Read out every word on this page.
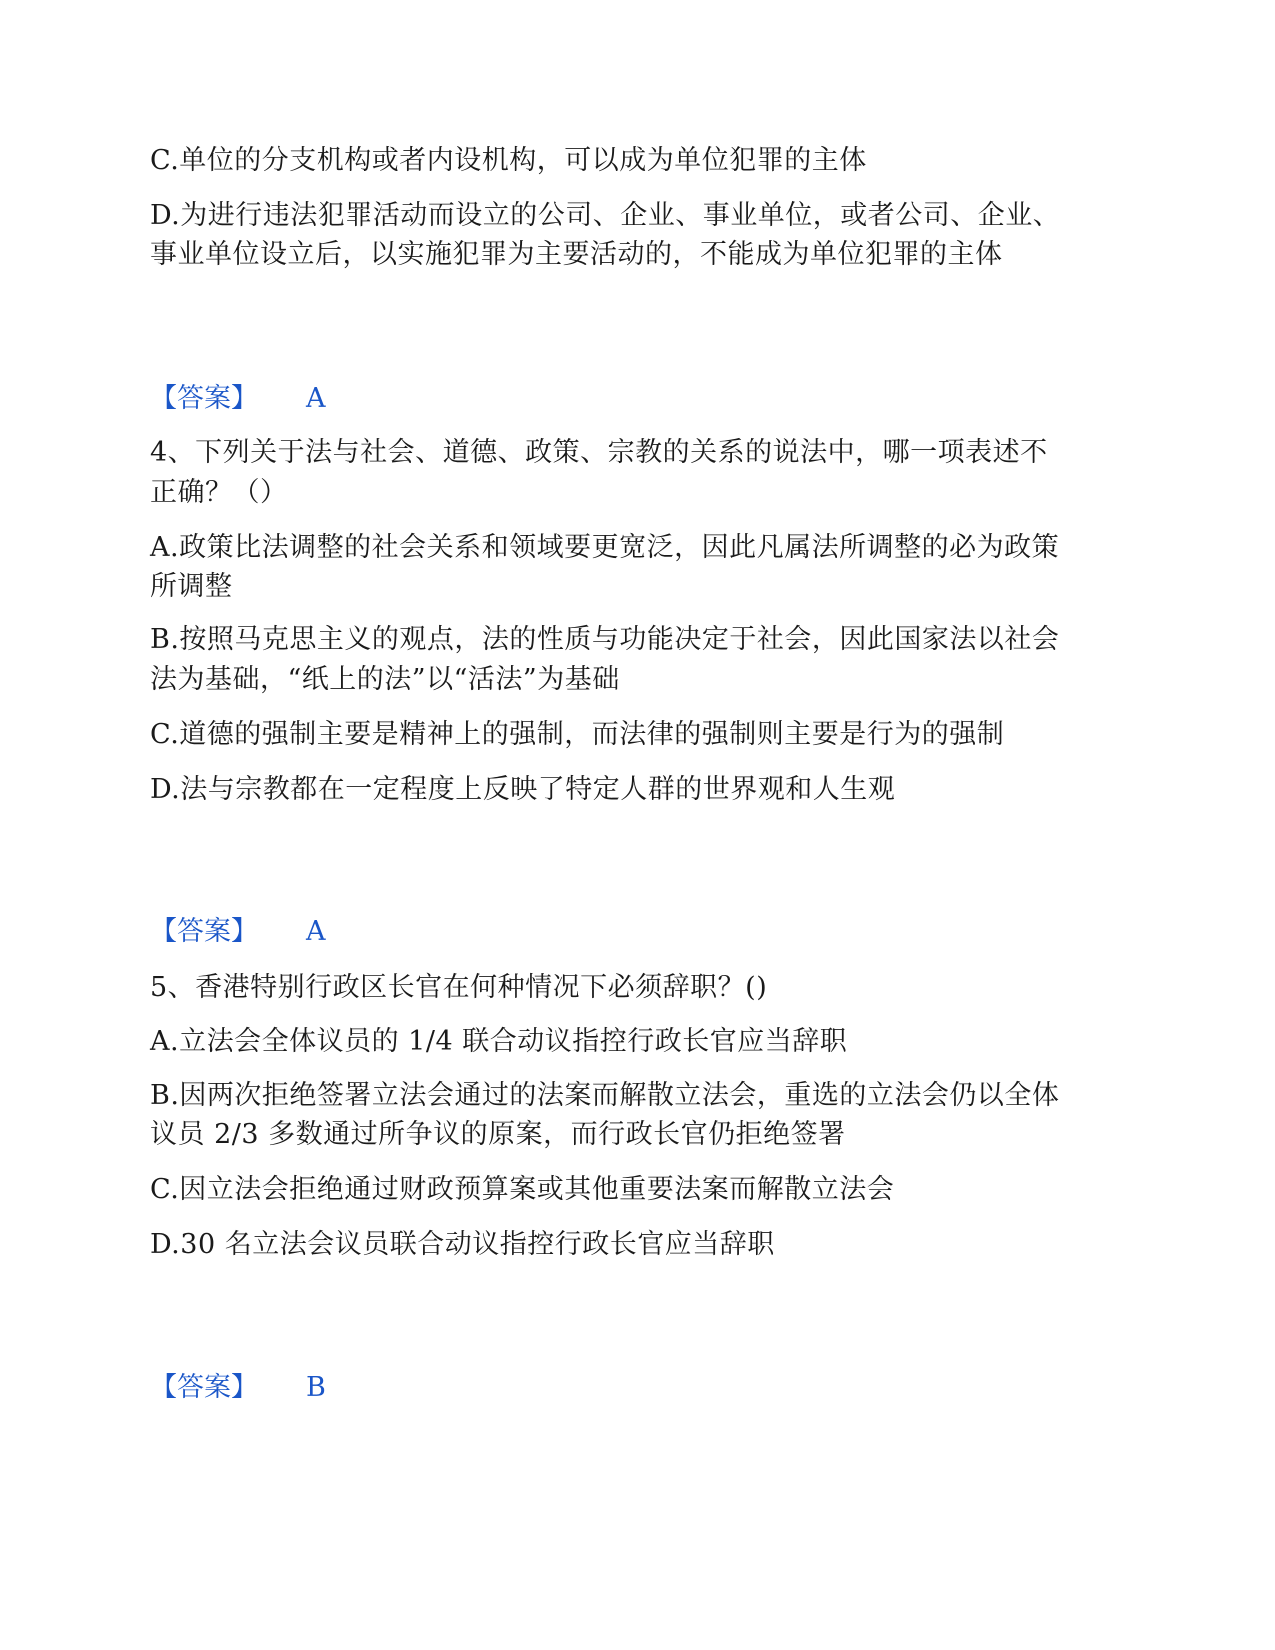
C.单位的分支机构或者内设机构，可以成为单位犯罪的主体
D.为进行违法犯罪活动而设立的公司、企业、事业单位，或者公司、企业、
事业单位设立后，以实施犯罪为主要活动的，不能成为单位犯罪的主体
【答案】 A
4、下列关于法与社会、道德、政策、宗教的关系的说法中，哪一项表述不
正确？（）
A.政策比法调整的社会关系和领域要更宽泛，因此凡属法所调整的必为政策
所调整
B.按照马克思主义的观点，法的性质与功能决定于社会，因此国家法以社会
法为基础，“纸上的法”以“活法”为基础
C.道德的强制主要是精神上的强制，而法律的强制则主要是行为的强制
D.法与宗教都在一定程度上反映了特定人群的世界观和人生观
【答案】 A
5、香港特别行政区长官在何种情况下必须辞职？()
A.立法会全体议员的 1/4 联合动议指控行政长官应当辞职
B.因两次拒绝签署立法会通过的法案而解散立法会，重选的立法会仍以全体
议员 2/3 多数通过所争议的原案，而行政长官仍拒绝签署
C.因立法会拒绝通过财政预算案或其他重要法案而解散立法会
D.30 名立法会议员联合动议指控行政长官应当辞职
【答案】 B
